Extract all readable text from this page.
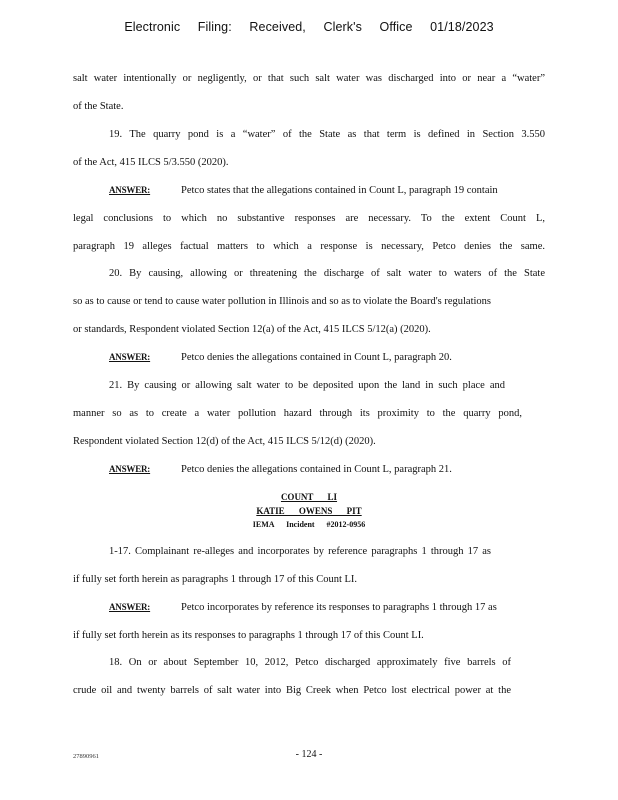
Electronic Filing: Received, Clerk's Office 01/18/2023
salt water intentionally or negligently, or that such salt water was discharged into or near a “water”
of the State.
19. The quarry pond is a “water” of the State as that term is defined in Section 3.550
of the Act, 415 ILCS 5/3.550 (2020).
ANSWER:	Petco states that the allegations contained in Count L, paragraph 19 contain
legal conclusions to which no substantive responses are necessary. To the extent Count L,
paragraph 19 alleges factual matters to which a response is necessary, Petco denies the same.
20. By causing, allowing or threatening the discharge of salt water to waters of the State
so as to cause or tend to cause water pollution in Illinois and so as to violate the Board's regulations
or standards, Respondent violated Section 12(a) of the Act, 415 ILCS 5/12(a) (2020).
ANSWER:	Petco denies the allegations contained in Count L, paragraph 20.
21. By causing or allowing salt water to be deposited upon the land in such place and
manner so as to create a water pollution hazard through its proximity to the quarry pond,
Respondent violated Section 12(d) of the Act, 415 ILCS 5/12(d) (2020).
ANSWER:	Petco denies the allegations contained in Count L, paragraph 21.
COUNT LI
KATIE OWENS PIT
IEMA Incident #2012-0956
1-17. Complainant re-alleges and incorporates by reference paragraphs 1 through 17 as
if fully set forth herein as paragraphs 1 through 17 of this Count LI.
ANSWER:	Petco incorporates by reference its responses to paragraphs 1 through 17 as
if fully set forth herein as its responses to paragraphs 1 through 17 of this Count LI.
18. On or about September 10, 2012, Petco discharged approximately five barrels of
crude oil and twenty barrels of salt water into Big Creek when Petco lost electrical power at the
27890961	- 124 -
